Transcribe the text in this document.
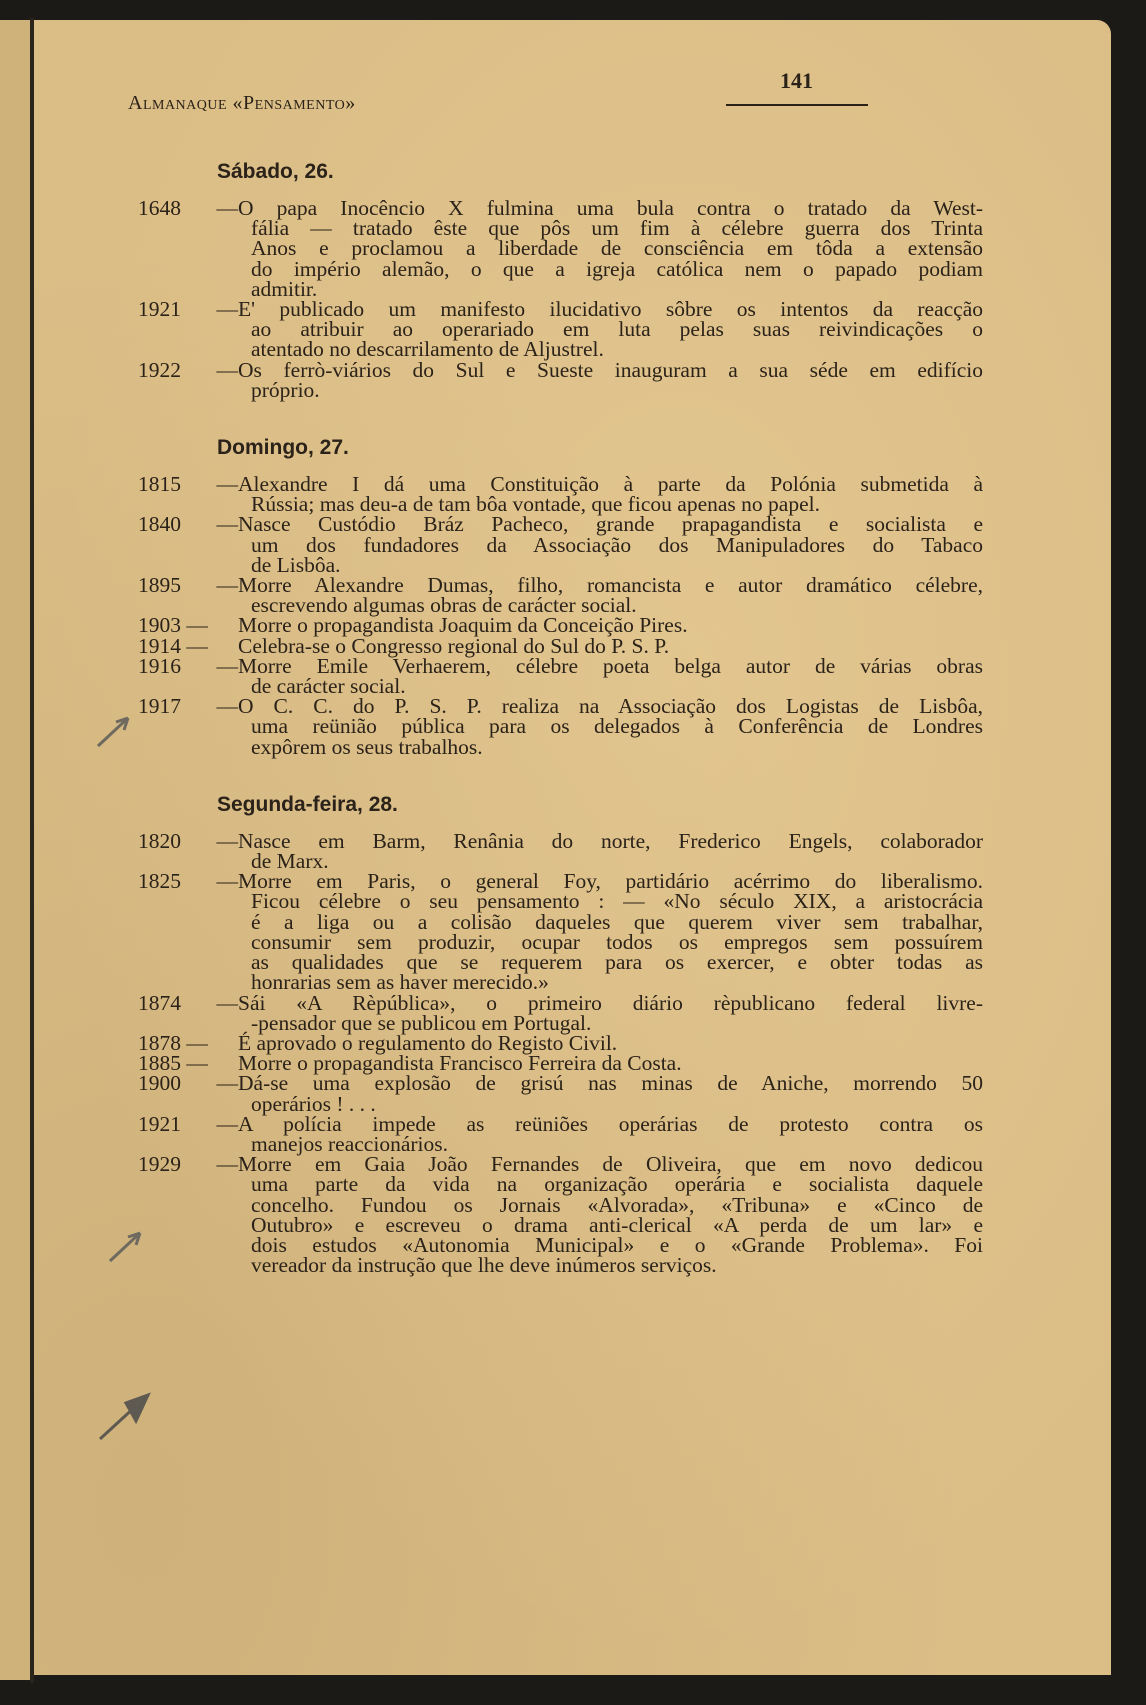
Almanaque «Pensamento»
141
Sábado, 26.
1648 — O papa Inocêncio X fulmina uma bula contra o tratado da West-
fália — tratado êste que pôs um fim à célebre guerra dos Trinta
Anos e proclamou a liberdade de consciência em tôda a extensão
do império alemão, o que a igreja católica nem o papado podiam
admitir.
1921 — E' publicado um manifesto ilucidativo sôbre os intentos da reacção
ao atribuir ao operariado em luta pelas suas reivindicações o
atentado no descarrilamento de Aljustrel.
1922 — Os ferrò-viários do Sul e Sueste inauguram a sua séde em edifício
próprio.
Domingo, 27.
1815 — Alexandre I dá uma Constituição à parte da Polónia submetida à
Rússia; mas deu-a de tam bôa vontade, que ficou apenas no papel.
1840 — Nasce Custódio Bráz Pacheco, grande prapagandista e socialista e
um dos fundadores da Associação dos Manipuladores do Tabaco
de Lisbôa.
1895 — Morre Alexandre Dumas, filho, romancista e autor dramático célebre,
escrevendo algumas obras de carácter social.
1903 —	Morre o propagandista Joaquim da Conceição Pires.
1914 —	Celebra-se o Congresso regional do Sul do P. S. P.
1916 — Morre Emile Verhaerem, célebre poeta belga autor de várias obras
de carácter social.
1917 — O C. C. do P. S. P. realiza na Associação dos Logistas de Lisbôa,
uma reünião pública para os delegados à Conferência de Londres
expôrem os seus trabalhos.
Segunda-feira, 28.
1820 — Nasce em Barm, Renânia do norte, Frederico Engels, colaborador
de Marx.
1825 — Morre em Paris, o general Foy, partidário acérrimo do liberalismo.
Ficou célebre o seu pensamento : — «No século XIX, a aristocrácia
é a liga ou a colisão daqueles que querem viver sem trabalhar,
consumir sem produzir, ocupar todos os empregos sem possuírem
as qualidades que se requerem para os exercer, e obter todas as
honrarias sem as haver merecido.»
1874 — Sái «A Rèpública», o primeiro diário rèpublicano federal livre-
-pensador que se publicou em Portugal.
1878 —	É aprovado o regulamento do Registo Civil.
1885 —	Morre o propagandista Francisco Ferreira da Costa.
1900 — Dá-se uma explosão de grisú nas minas de Aniche, morrendo 50
operários ! . . .
1921 — A polícia impede as reüniões operárias de protesto contra os
manejos reaccionários.
1929 — Morre em Gaia João Fernandes de Oliveira, que em novo dedicou
uma parte da vida na organização operária e socialista daquele
concelho. Fundou os Jornais «Alvorada», «Tribuna» e «Cinco de
Outubro» e escreveu o drama anti-clerical «A perda de um lar» e
dois estudos «Autonomia Municipal» e o «Grande Problema». Foi
vereador da instrução que lhe deve inúmeros serviços.
